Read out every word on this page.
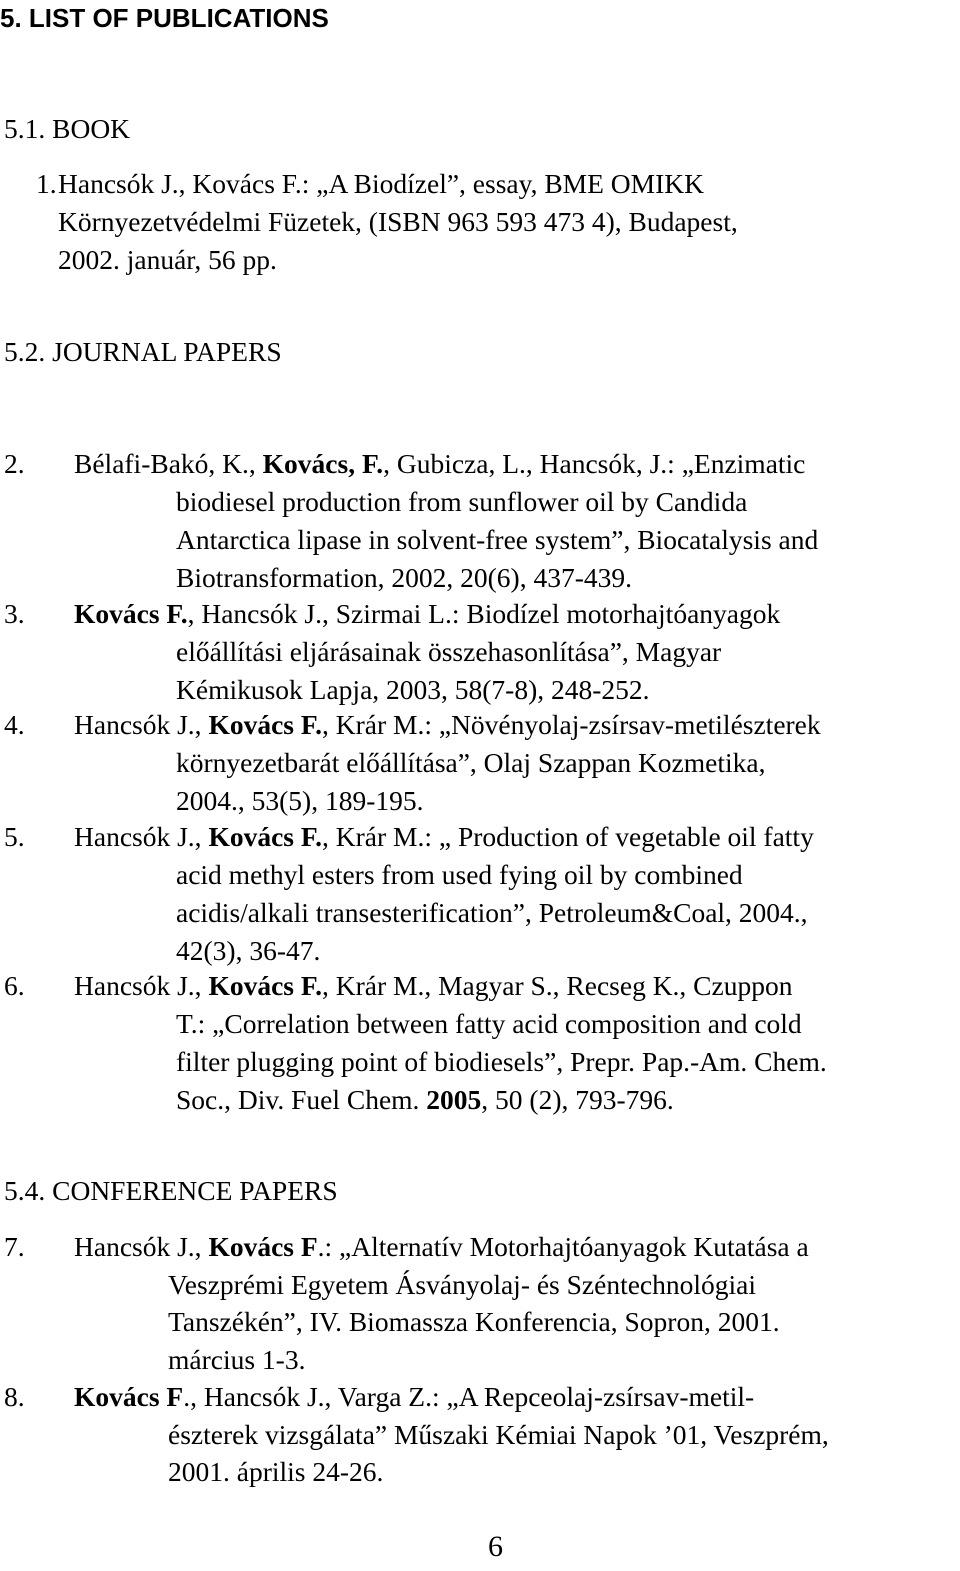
5. LIST OF PUBLICATIONS
5.1. BOOK
1. Hancsók J., Kovács F.: „A Biodízel”, essay, BME OMIKK
Környezetvédelmi Füzetek, (ISBN 963 593 473 4), Budapest,
2002. január, 56 pp.
5.2. JOURNAL PAPERS
2. Bélafi-Bakó, K., Kovács, F., Gubicza, L., Hancsók, J.: „Enzimatic
biodiesel production from sunflower oil by Candida
Antarctica lipase in solvent-free system”, Biocatalysis and
Biotransformation, 2002, 20(6), 437-439.
3. Kovács F., Hancsók J., Szirmai L.: Biodízel motorhajtóanyagok
előállítási eljárásainak összehasonlítása”, Magyar
Kémikusok Lapja, 2003, 58(7-8), 248-252.
4. Hancsók J., Kovács F., Krár M.: „Növényolaj-zsírsav-metilészterek
környezetbarát előállítása”, Olaj Szappan Kozmetika,
2004., 53(5), 189-195.
5. Hancsók J., Kovács F., Krár M.: „ Production of vegetable oil fatty
acid methyl esters from used fying oil by combined
acidis/alkali transesterification”, Petroleum&Coal, 2004.,
42(3), 36-47.
6. Hancsók J., Kovács F., Krár M., Magyar S., Recseg K., Czuppon
T.: „Correlation between fatty acid composition and cold
filter plugging point of biodiesels”, Prepr. Pap.-Am. Chem.
Soc., Div. Fuel Chem. 2005, 50 (2), 793-796.
5.4. CONFERENCE PAPERS
7. Hancsók J., Kovács F.: „Alternatív Motorhajtóanyagok Kutatása a
Veszprémi Egyetem Ásványolaj- és Széntechnológiai
Tanszékén”, IV. Biomassza Konferencia, Sopron, 2001.
március 1-3.
8. Kovács F., Hancsók J., Varga Z.: „A Repceolaj-zsírsav-metil-
észterek vizsgálata” Műszaki Kémiai Napok ’01, Veszprém,
2001. április 24-26.
6
